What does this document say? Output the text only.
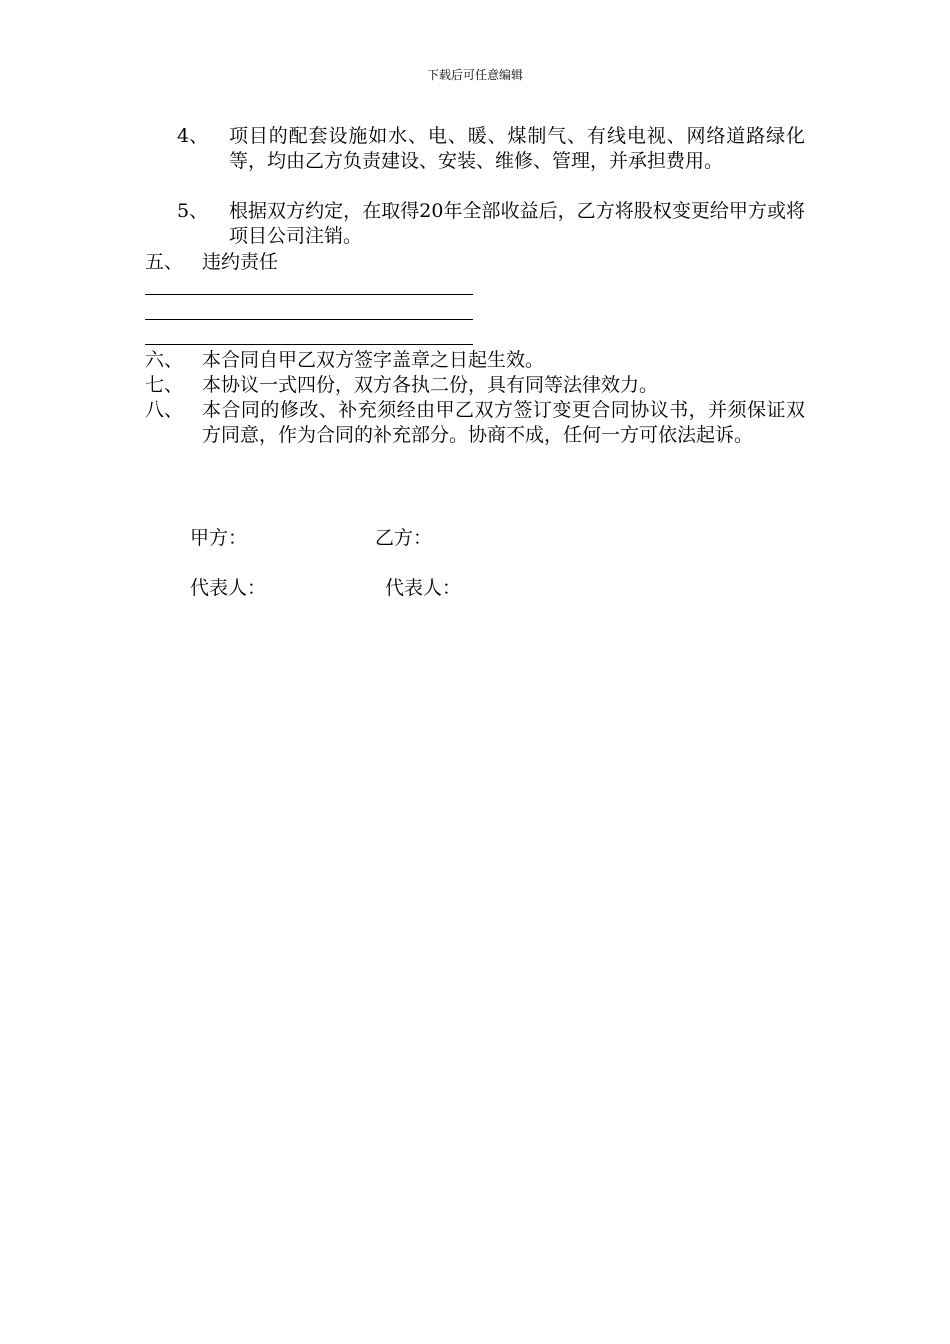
下载后可任意编辑
4、 项目的配套设施如水、电、暖、煤制气、有线电视、网络道路绿化等，均由乙方负责建设、安装、维修、管理，并承担费用。
5、 根据双方约定，在取得20年全部收益后，乙方将股权变更给甲方或将项目公司注销。
五、 违约责任
六、 本合同自甲乙双方签字盖章之日起生效。
七、 本协议一式四份，双方各执二份，具有同等法律效力。
八、 本合同的修改、补充须经由甲乙双方签订变更合同协议书，并须保证双方同意，作为合同的补充部分。协商不成，任何一方可依法起诉。
甲方：	乙方：
代表人：	代表人：
